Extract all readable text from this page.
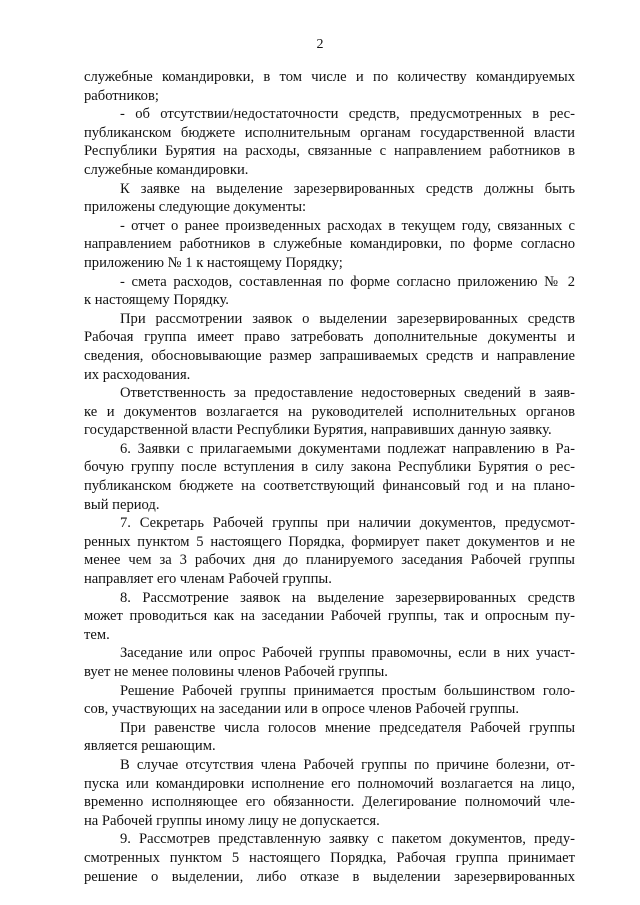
2
служебные командировки, в том числе и по количеству командируемых
работников;
- об отсутствии/недостаточности средств, предусмотренных в рес-
публиканском бюджете исполнительным органам государственной власти
Республики Бурятия на расходы, связанные с направлением работников в
служебные командировки.
К заявке на выделение зарезервированных средств должны быть
приложены следующие документы:
- отчет о ранее произведенных расходах в текущем году, связанных с
направлением работников в служебные командировки, по форме согласно
приложению № 1 к настоящему Порядку;
- смета расходов, составленная по форме согласно приложению № 2
к настоящему Порядку.
При рассмотрении заявок о выделении зарезервированных средств
Рабочая группа имеет право затребовать дополнительные документы и
сведения, обосновывающие размер запрашиваемых средств и направление
их расходования.
Ответственность за предоставление недостоверных сведений в заяв-
ке и документов возлагается на руководителей исполнительных органов
государственной власти Республики Бурятия, направивших данную заявку.
6. Заявки с прилагаемыми документами подлежат направлению в Ра-
бочую группу после вступления в силу закона Республики Бурятия о рес-
публиканском бюджете на соответствующий финансовый год и на плано-
вый период.
7. Секретарь Рабочей группы при наличии документов, предусмот-
ренных пунктом 5 настоящего Порядка, формирует пакет документов и не
менее чем за 3 рабочих дня до планируемого заседания Рабочей группы
направляет его членам Рабочей группы.
8. Рассмотрение заявок на выделение зарезервированных средств
может проводиться как на заседании Рабочей группы, так и опросным пу-
тем.
Заседание или опрос Рабочей группы правомочны, если в них участ-
вует не менее половины членов Рабочей группы.
Решение Рабочей группы принимается простым большинством голо-
сов, участвующих на заседании или в опросе членов Рабочей группы.
При равенстве числа голосов мнение председателя Рабочей группы
является решающим.
В случае отсутствия члена Рабочей группы по причине болезни, от-
пуска или командировки исполнение его полномочий возлагается на лицо,
временно исполняющее его обязанности. Делегирование полномочий чле-
на Рабочей группы иному лицу не допускается.
9. Рассмотрев представленную заявку с пакетом документов, преду-
смотренных пунктом 5 настоящего Порядка, Рабочая группа принимает
решение о выделении, либо отказе в выделении зарезервированных
